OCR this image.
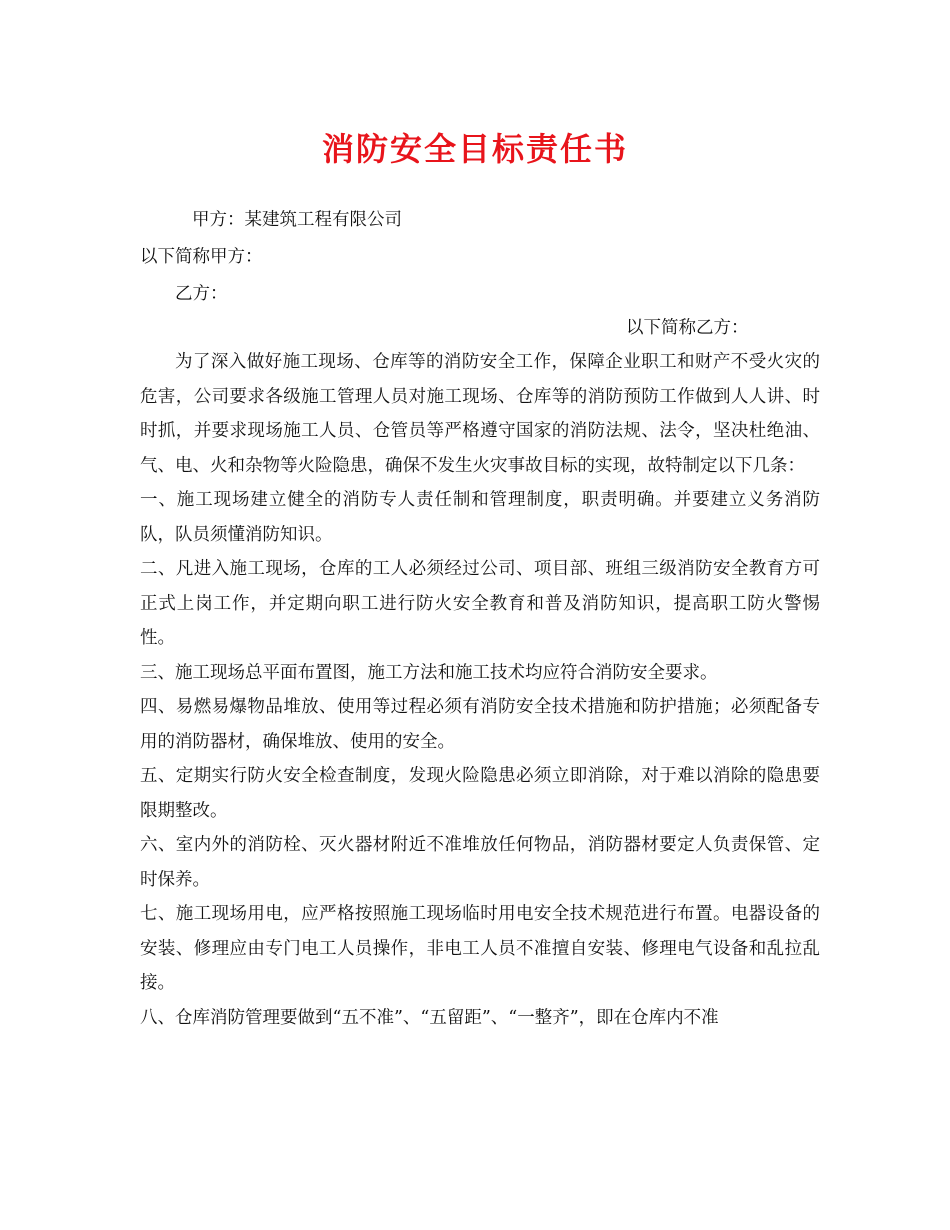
消防安全目标责任书
甲方：某建筑工程有限公司
以下简称甲方：
乙方：
以下简称乙方：

为了深入做好施工现场、仓库等的消防安全工作，保障企业职工和财产不受火灾的危害，公司要求各级施工管理人员对施工现场、仓库等的消防预防工作做到人人讲、时时抓，并要求现场施工人员、仓管员等严格遵守国家的消防法规、法令，坚决杜绝油、气、电、火和杂物等火险隐患，确保不发生火灾事故目标的实现，故特制定以下几条：

一、施工现场建立健全的消防专人责任制和管理制度，职责明确。并要建立义务消防队，队员须懂消防知识。

二、凡进入施工现场，仓库的工人必须经过公司、项目部、班组三级消防安全教育方可正式上岗工作，并定期向职工进行防火安全教育和普及消防知识，提高职工防火警惕性。

三、施工现场总平面布置图，施工方法和施工技术均应符合消防安全要求。

四、易燃易爆物品堆放、使用等过程必须有消防安全技术措施和防护措施；必须配备专用的消防器材，确保堆放、使用的安全。

五、定期实行防火安全检查制度，发现火险隐患必须立即消除，对于难以消除的隐患要限期整改。

六、室内外的消防栓、灭火器材附近不准堆放任何物品，消防器材要定人负责保管、定时保养。

七、施工现场用电，应严格按照施工现场临时用电安全技术规范进行布置。电器设备的安装、修理应由专门电工人员操作，非电工人员不准擅自安装、修理电气设备和乱拉乱接。

八、仓库消防管理要做到“五不准”、“五留距”、“一整齐”，即在仓库内不准
